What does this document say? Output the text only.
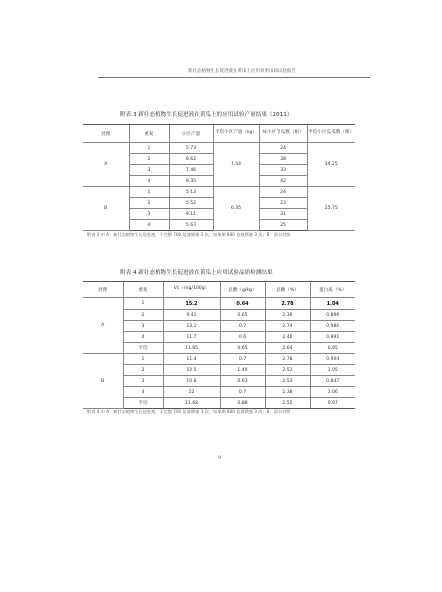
新壮态植物生长促进液在黄瓜上应用效果田间试验报告
附表 3 新壮态植物生长促进液在黄瓜上的应用试验产量结果（2011）
处理	重复	小区产量	平均小区产量（kg）	每小区节瓜数（根）	平均小区瓜瓜数（根）
A	1	5.73	7.54	24	34.25
	2	8.62		38	
	3	7.46		33	
	4	8.35		42	
B	1	5.13	6.35	24	25.75
	2	5.52		23	
	3	9.11		31	
	4	5.63		25	
附表 3 中 A：新壮态植物生长促进液，不完整 700 倍液喷施 3 次，每果期 800 倍液喷施 3 次；B：清水对照
附表 4 新壮态植物生长促进液在黄瓜上应用试验品质检测结果
处理	重复	Vc（mg/100g）	总酸（g/kg）	总糖（%）	蛋白质（%）
A	1	15.2	0.64	2.78	1.04
	2	9.41	0.65	2.36	0.896
	3	13.1	0.7	2.74	0.980
	4	11.7	0.6	2.46	0.891
	平均	11.85	0.65	2.64	0.95
B	1	11.4	0.7	2.78	0.904
	2	12.5	1.49	2.52	1.05
	3	10.8	0.63	2.53	0.847
	4	12	0.7	2.38	1.06
	平均	11.68	0.88	2.55	0.97
附表 4 中 A：新壮态植物生长促进液，不完整 700 倍液喷施 3 次，每果期 800 倍液喷施 3 次；B：清水对照
9
